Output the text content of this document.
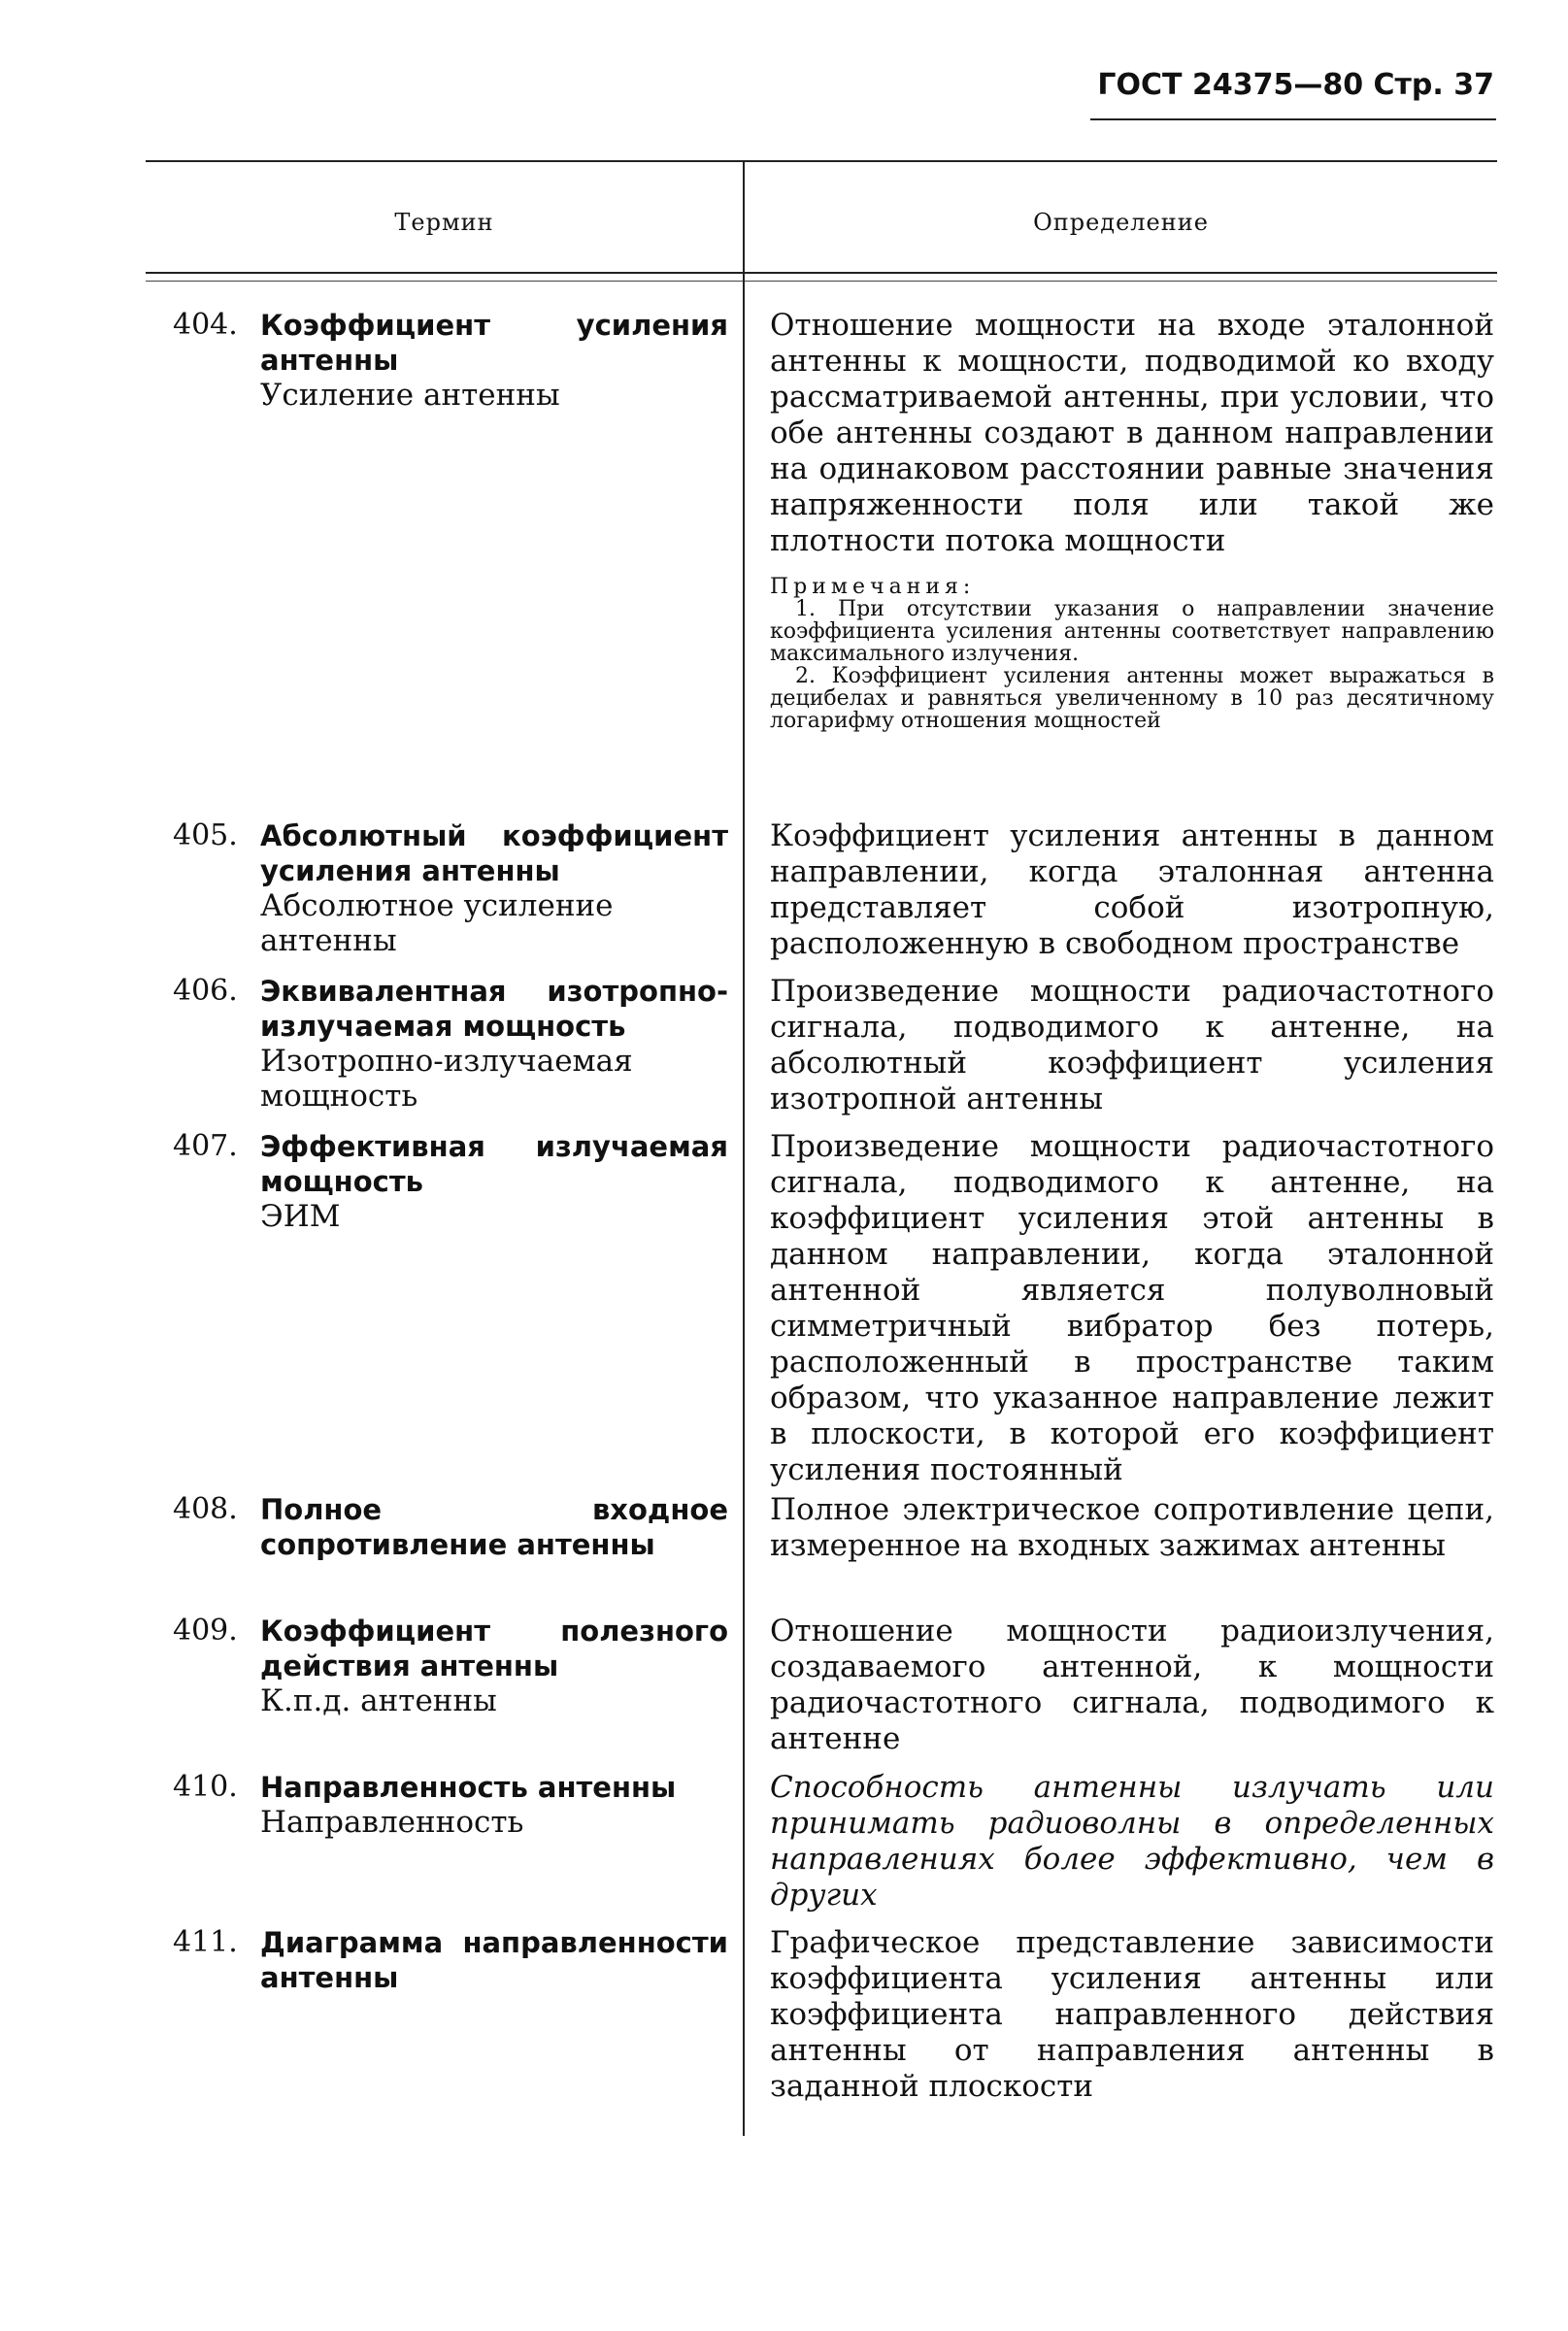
ГОСТ 24375—80 Стр. 37
Термин	Определение
404. Коэффициент усиления антенны
Усиление антенны
Отношение мощности на входе эталонной антенны к мощности, подводимой ко входу рассматриваемой антенны, при условии, что обе антенны создают в данном направлении на одинаковом расстоянии равные значения напряженности поля или такой же плотности потока мощности
Примечания:

1. При отсутствии указания о направлении значение коэффициента усиления антенны соответствует направлению максимального излучения.

2. Коэффициент усиления антенны может выражаться в децибелах и равняться увеличенному в 10 раз десятичному логарифму отношения мощностей

405. Абсолютный коэффициент усиления антенны
Абсолютное усиление антенны
Коэффициент усиления антенны в данном направлении, когда эталонная антенна представляет собой изотропную, расположенную в свободном пространстве
406. Эквивалентная изотропно-излучаемая мощность
Изотропно-излучаемая мощность
Произведение мощности радиочастотного сигнала, подводимого к антенне, на абсолютный коэффициент усиления изотропной антенны
407. Эффективная излучаемая мощность
ЭИМ
Произведение мощности радиочастотного сигнала, подводимого к антенне, на коэффициент усиления этой антенны в данном направлении, когда эталонной антенной является полуволновый симметричный вибратор без потерь, расположенный в пространстве таким образом, что указанное направление лежит в плоскости, в которой его коэффициент усиления постоянный
408. Полное входное сопротивление антенны
Полное электрическое сопротивление цепи, измеренное на входных зажимах антенны
409. Коэффициент полезного действия антенны
К.п.д. антенны
Отношение мощности радиоизлучения, создаваемого антенной, к мощности радиочастотного сигнала, подводимого к антенне
410. Направленность антенны
Направленность
Способность антенны излучать или принимать радиоволны в определенных направлениях более эффективно, чем в других
411. Диаграмма направленности антенны
Графическое представление зависимости коэффициента усиления антенны или коэффициента направленного действия антенны от направления антенны в заданной плоскости
